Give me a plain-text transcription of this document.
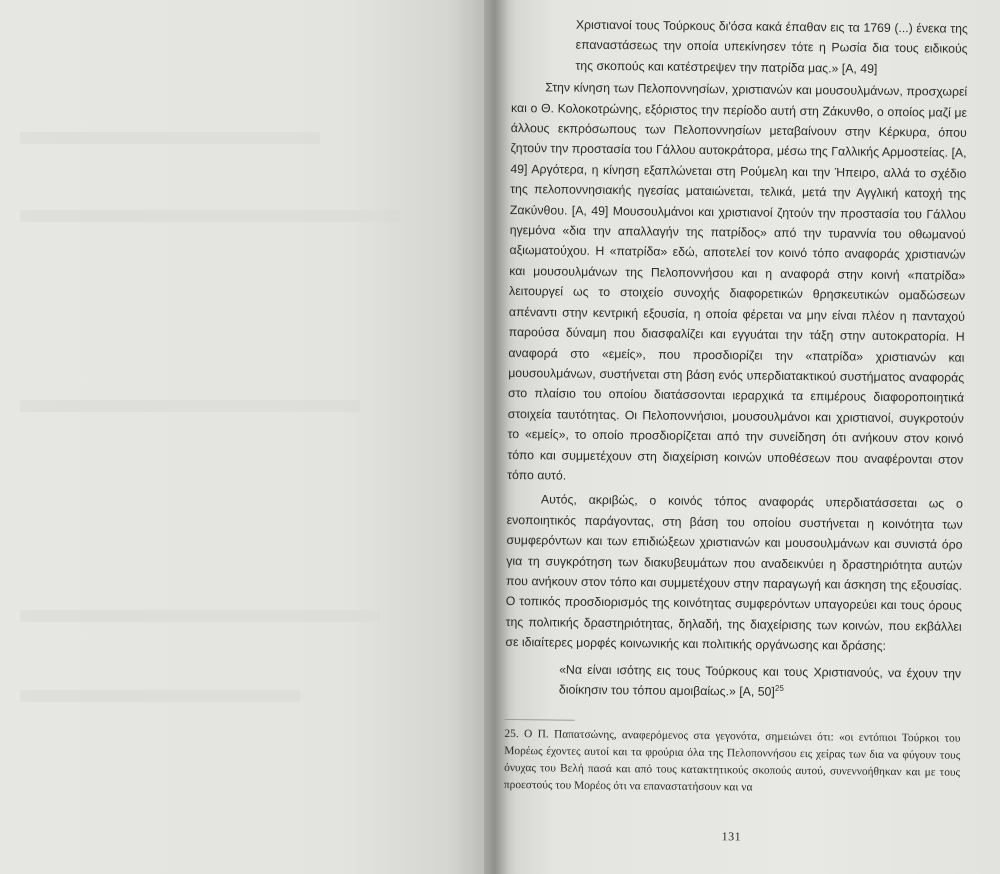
Χριστιανοί τους Τούρκους δι'όσα κακά έπαθαν εις τα 1769 (...) ένεκα της επαναστάσεως την οποία υπεκίνησεν τότε η Ρωσία δια τους ειδικούς της σκοπούς και κατέστρεψεν την πατρίδα μας.» [Α, 49]

Στην κίνηση των Πελοποννησίων, χριστιανών και μουσουλμάνων, προσχωρεί και ο Θ. Κολοκοτρώνης, εξόριστος την περίοδο αυτή στη Ζάκυνθο, ο οποίος μαζί με άλλους εκπρόσωπους των Πελοποννησίων μεταβαίνουν στην Κέρκυρα, όπου ζητούν την προστασία του Γάλλου αυτοκράτορα, μέσω της Γαλλικής Αρμοστείας. [Α, 49] Αργότερα, η κίνηση εξαπλώνεται στη Ρούμελη και την Ήπειρο, αλλά το σχέδιο της πελοποννησιακής ηγεσίας ματαιώνεται, τελικά, μετά την Αγγλική κατοχή της Ζακύνθου. [Α, 49] Μουσουλμάνοι και χριστιανοί ζητούν την προστασία του Γάλλου ηγεμόνα «δια την απαλλαγήν της πατρίδος» από την τυραννία του οθωμανού αξιωματούχου. Η «πατρίδα» εδώ, αποτελεί τον κοινό τόπο αναφοράς χριστιανών και μουσουλμάνων της Πελοποννήσου και η αναφορά στην κοινή «πατρίδα» λειτουργεί ως το στοιχείο συνοχής διαφορετικών θρησκευτικών ομαδώσεων απέναντι στην κεντρική εξουσία, η οποία φέρεται να μην είναι πλέον η πανταχού παρούσα δύναμη που διασφαλίζει και εγγυάται την τάξη στην αυτοκρατορία. Η αναφορά στο «εμείς», που προσδιορίζει την «πατρίδα» χριστιανών και μουσουλμάνων, συστήνεται στη βάση ενός υπερδιατακτικού συστήματος αναφοράς στο πλαίσιο του οποίου διατάσσονται ιεραρχικά τα επιμέρους διαφοροποιητικά στοιχεία ταυτότητας. Οι Πελοποννήσιοι, μουσουλμάνοι και χριστιανοί, συγκροτούν το «εμείς», το οποίο προσδιορίζεται από την συνείδηση ότι ανήκουν στον κοινό τόπο και συμμετέχουν στη διαχείριση κοινών υποθέσεων που αναφέρονται στον τόπο αυτό.

Αυτός, ακριβώς, ο κοινός τόπος αναφοράς υπερδιατάσσεται ως ο ενοποιητικός παράγοντας, στη βάση του οποίου συστήνεται η κοινότητα των συμφερόντων και των επιδιώξεων χριστιανών και μουσουλμάνων και συνιστά όρο για τη συγκρότηση των διακυβευμάτων που αναδεικνύει η δραστηριότητα αυτών που ανήκουν στον τόπο και συμμετέχουν στην παραγωγή και άσκηση της εξουσίας. Ο τοπικός προσδιορισμός της κοινότητας συμφερόντων υπαγορεύει και τους όρους της πολιτικής δραστηριότητας, δηλαδή, της διαχείρισης των κοινών, που εκβάλλει σε ιδιαίτερες μορφές κοινωνικής και πολιτικής οργάνωσης και δράσης:

«Να είναι ισότης εις τους Τούρκους και τους Χριστιανούς, να έχουν την διοίκησιν του τόπου αμοιβαίως.» [Α, 50]$^{25}$

25. Ο Π. Παπατσώνης, αναφερόμενος στα γεγονότα, σημειώνει ότι: «οι εντόπιοι Τούρκοι του Μορέως έχοντες αυτοί και τα φρούρια όλα της Πελοποννήσου εις χείρας των δια να φύγουν τους όνυχας του Βελή πασά και από τους κατακτητικούς σκοπούς αυτού, συνεννοήθηκαν και με τους προεστούς του Μορέος ότι να επαναστατήσουν και να

131
